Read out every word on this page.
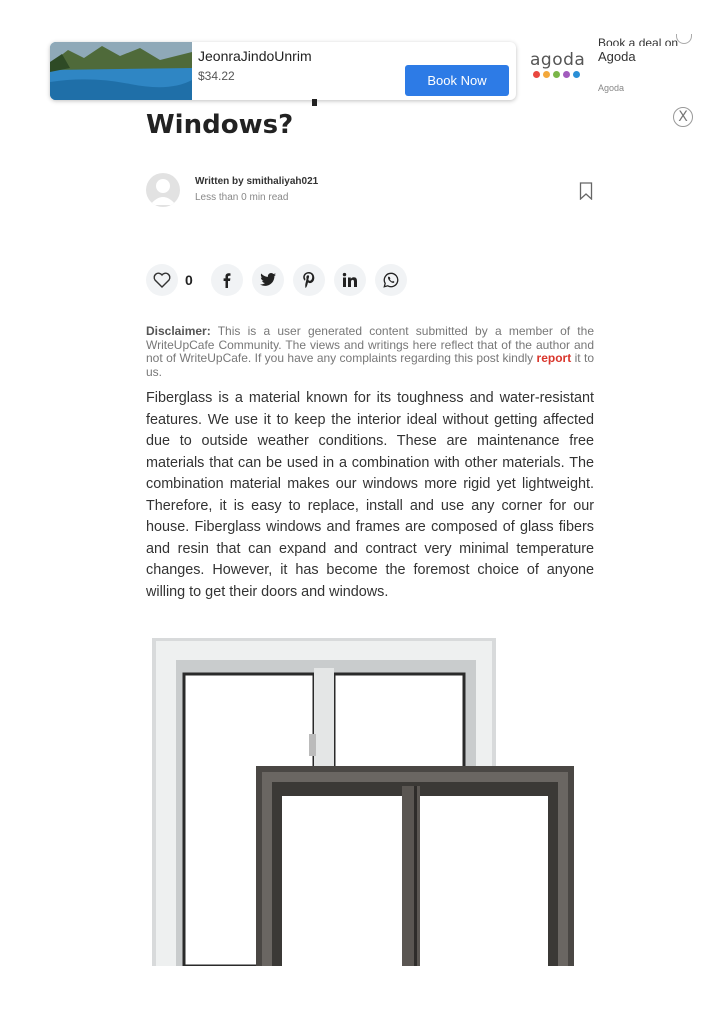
JeonraJindoUnrim
$34.22	Book Now
agoda
Book a deal on
Agoda
Agoda
X
Windows?
Written by smithaliyah021
Less than 0 min read
0
Disclaimer: This is a user generated content submitted by a member of the WriteUpCafe Community. The views and writings here reflect that of the author and not of WriteUpCafe. If you have any complaints regarding this post kindly report it to us.

Fiberglass is a material known for its toughness and water-resistant features. We use it to keep the interior ideal without getting affected due to outside weather conditions. These are maintenance free materials that can be used in a combination with other materials. The combination material makes our windows more rigid yet lightweight. Therefore, it is easy to replace, install and use any corner for our house. Fiberglass windows and frames are composed of glass fibers and resin that can expand and contract very minimal temperature changes. However, it has become the foremost choice of anyone willing to get their doors and windows.
